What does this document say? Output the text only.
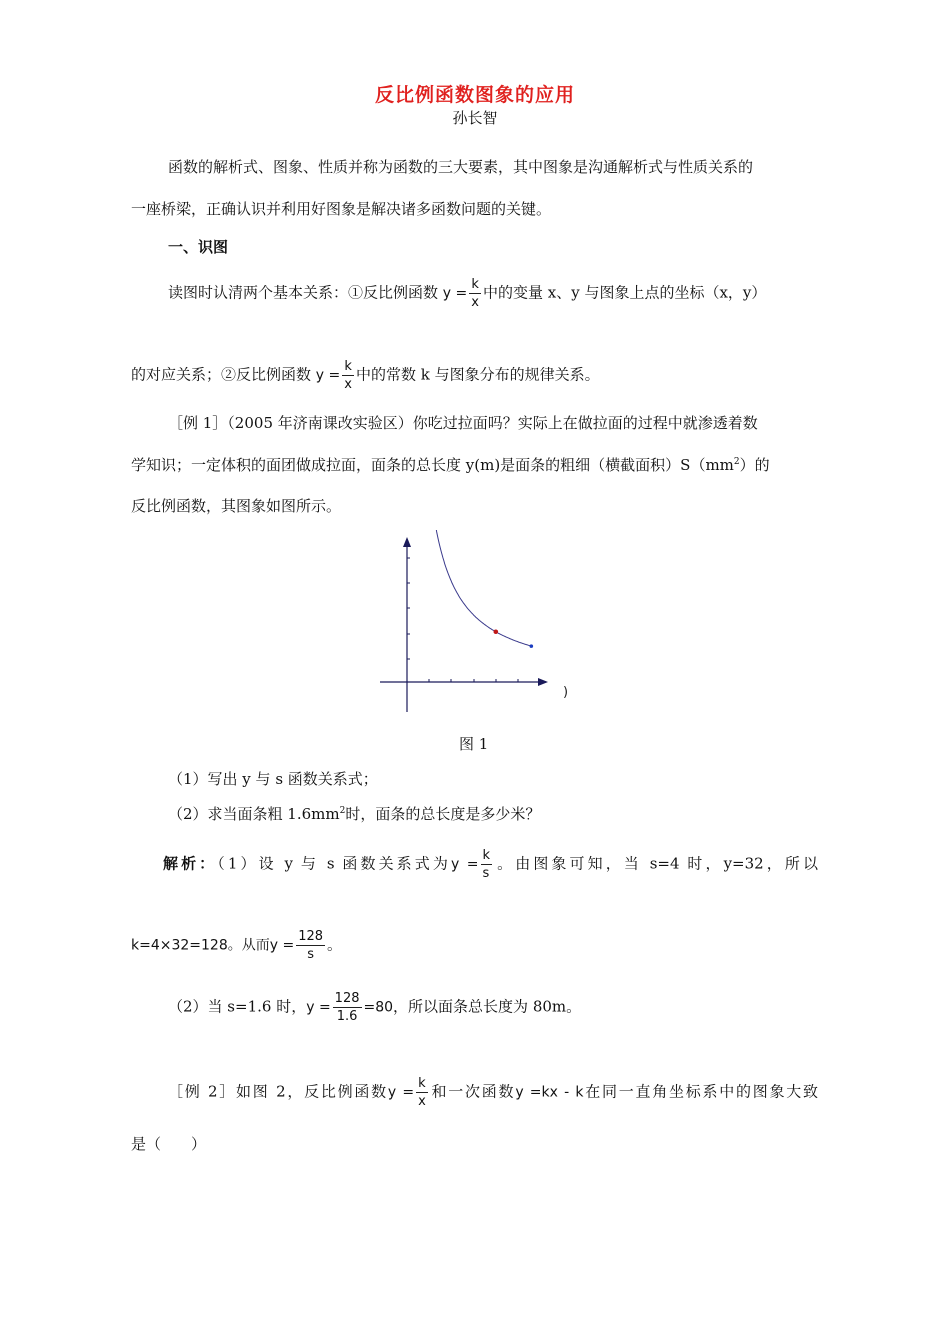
反比例函数图象的应用
孙长智
函数的解析式、图象、性质并称为函数的三大要素，其中图象是沟通解析式与性质关系的
一座桥梁，正确认识并利用好图象是解决诸多函数问题的关键。
一、识图
读图时认清两个基本关系：①反比例函数 $y = \frac{k}{x}$ 中的变量 x、y 与图象上点的坐标（x，y）
的对应关系；②反比例函数 $y = \frac{k}{x}$ 中的常数 k 与图象分布的规律关系。
［例 1］（2005 年济南课改实验区）你吃过拉面吗？实际上在做拉面的过程中就渗透着数
学知识；一定体积的面团做成拉面，面条的总长度 y(m)是面条的粗细（横截面积）$S(mm^2)$的
反比例函数，其图象如图所示。
)
图 1
（1）写出 y 与 s 函数关系式；
（2）求当面条粗 $1.6mm^2$时，面条的总长度是多少米？
解析：（1）设 y 与 s 函数关系式为$y = \frac{k}{s}$ 。由图象可知，当 s=4 时，y=32，所以
k=4×32=128。从而$y = \frac{128}{s}$ 。
（2）当 s=1.6 时，$y = \frac{128}{1.6} =80$，所以面条总长度为 80m。
［例 2］如图 2，反比例函数$y = \frac{k}{x}$ 和一次函数y =kx - k在同一直角坐标系中的图象大致
是（　　）
